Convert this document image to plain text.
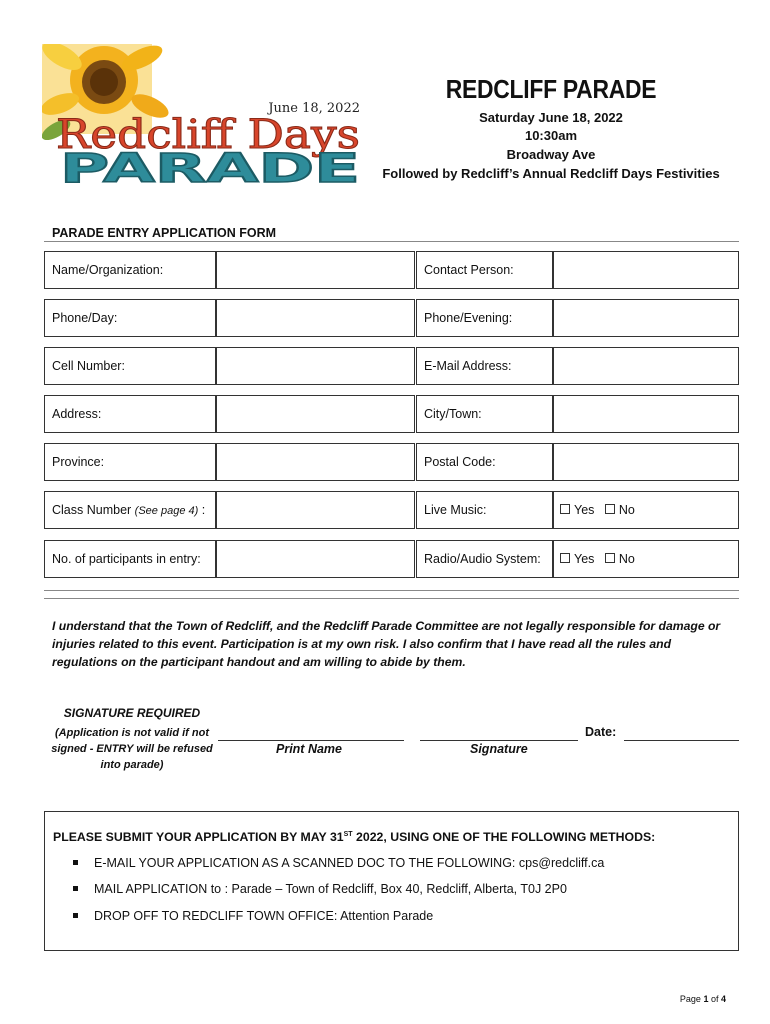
June 18, 2022
Redcliff Days
PARADE
REDCLIFF PARADE
Saturday June 18, 2022
10:30am
Broadway Ave
Followed by Redcliff’s Annual Redcliff Days Festivities
PARADE ENTRY APPLICATION FORM
Name/Organization:	Contact Person:
Phone/Day:	Phone/Evening:
Cell Number:	E-Mail Address:
Address:	City/Town:
Province:	Postal Code:
Class Number (See page 4) :	Live Music:	Yes No
No. of participants in entry:	Radio/Audio System:	Yes No
I understand that the Town of Redcliff, and the Redcliff Parade Committee are not legally responsible for damage or injuries related to this event. Participation is at my own risk. I also confirm that I have read all the rules and regulations on the participant handout and am willing to abide by them.
SIGNATURE REQUIRED
(Application is not valid if not
signed - ENTRY will be refused
into parade)
Print Name	Signature
Date:
PLEASE SUBMIT YOUR APPLICATION BY MAY 31ST 2022, USING ONE OF THE FOLLOWING METHODS:
E-MAIL YOUR APPLICATION AS A SCANNED DOC TO THE FOLLOWING: cps@redcliff.ca
MAIL APPLICATION to : Parade – Town of Redcliff, Box 40, Redcliff, Alberta, T0J 2P0
DROP OFF TO REDCLIFF TOWN OFFICE: Attention Parade
Page 1 of 4
